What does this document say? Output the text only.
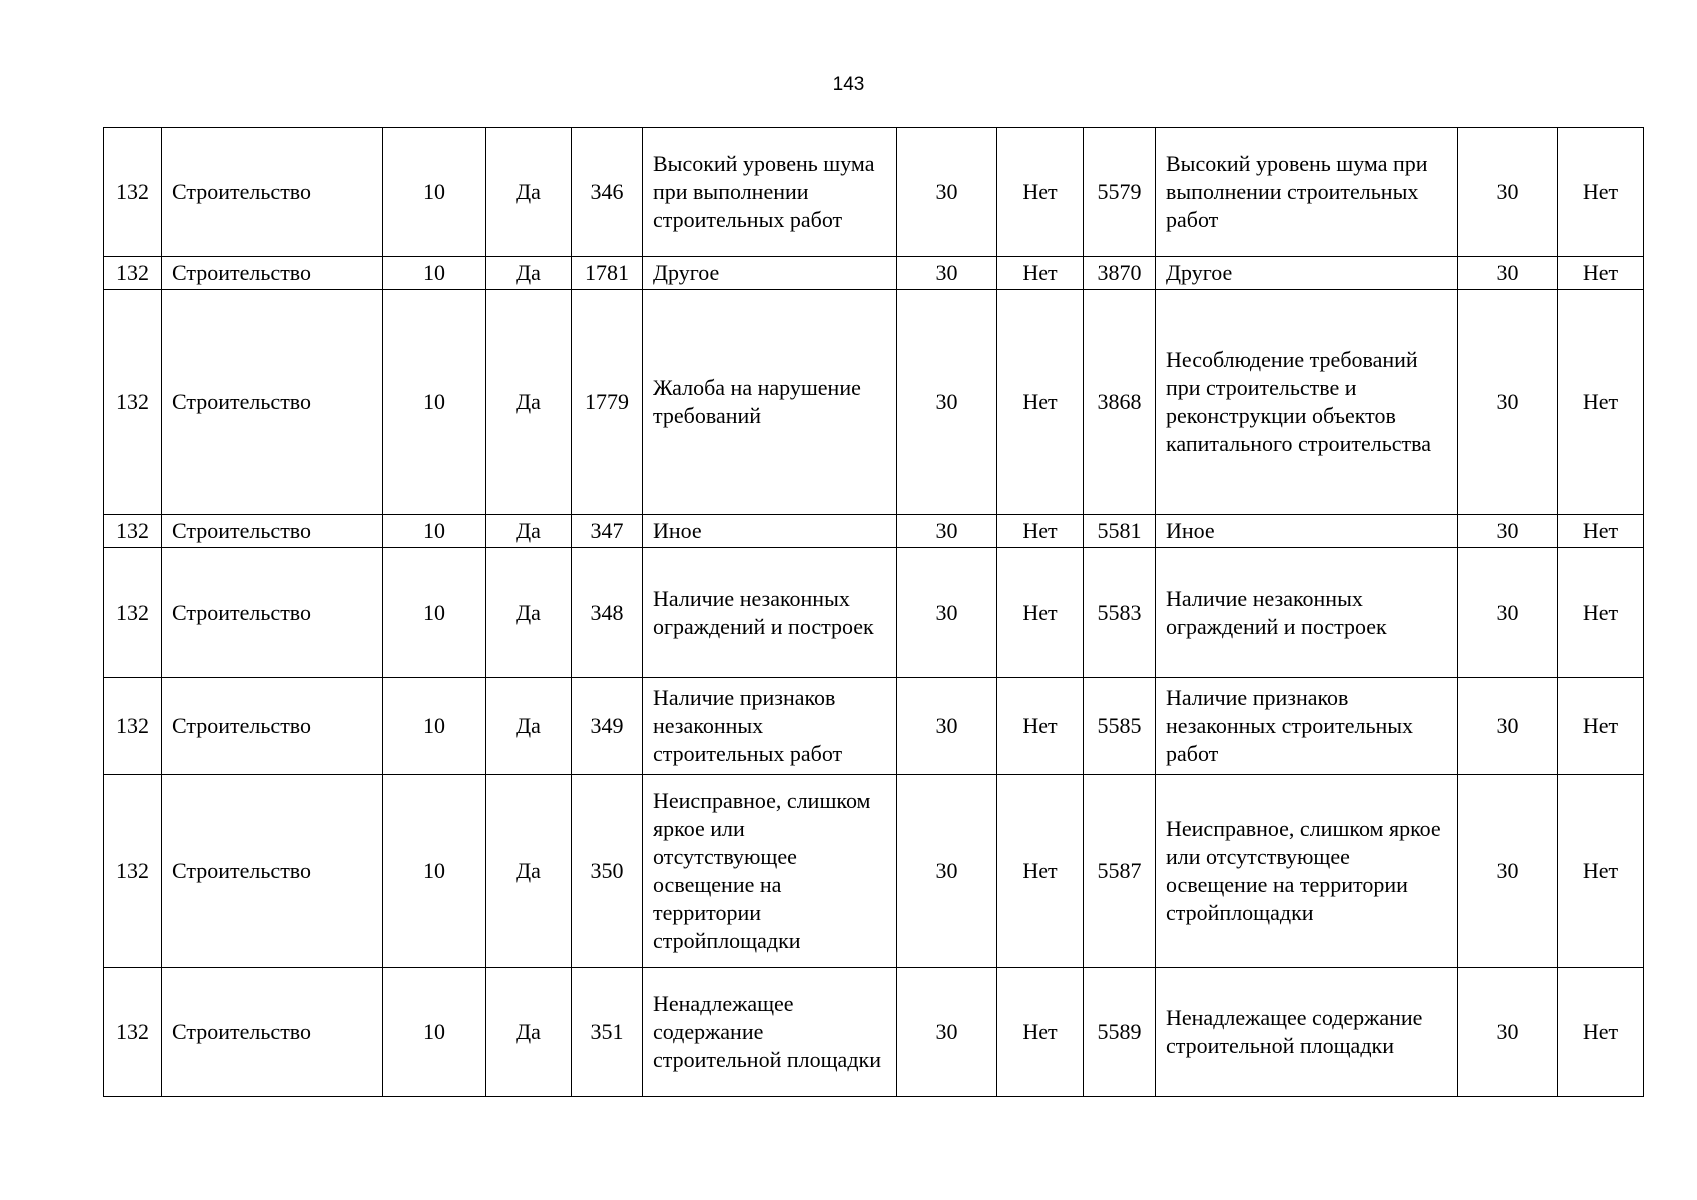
143
132	Строительство	10	Да	346	Высокий уровень шума при выполнении строительных работ	30	Нет	5579	Высокий уровень шума при выполнении строительных работ	30	Нет
132	Строительство	10	Да	1781	Другое	30	Нет	3870	Другое	30	Нет
132	Строительство	10	Да	1779	Жалоба на нарушение требований	30	Нет	3868	Несоблюдение требований при строительстве и реконструкции объектов капитального строительства	30	Нет
132	Строительство	10	Да	347	Иное	30	Нет	5581	Иное	30	Нет
132	Строительство	10	Да	348	Наличие незаконных ограждений и построек	30	Нет	5583	Наличие незаконных ограждений и построек	30	Нет
132	Строительство	10	Да	349	Наличие признаков незаконных строительных работ	30	Нет	5585	Наличие признаков незаконных строительных работ	30	Нет
132	Строительство	10	Да	350	Неисправное, слишком яркое или отсутствующее освещение на территории стройплощадки	30	Нет	5587	Неисправное, слишком яркое или отсутствующее освещение на территории стройплощадки	30	Нет
132	Строительство	10	Да	351	Ненадлежащее содержание строительной площадки	30	Нет	5589	Ненадлежащее содержание строительной площадки	30	Нет
